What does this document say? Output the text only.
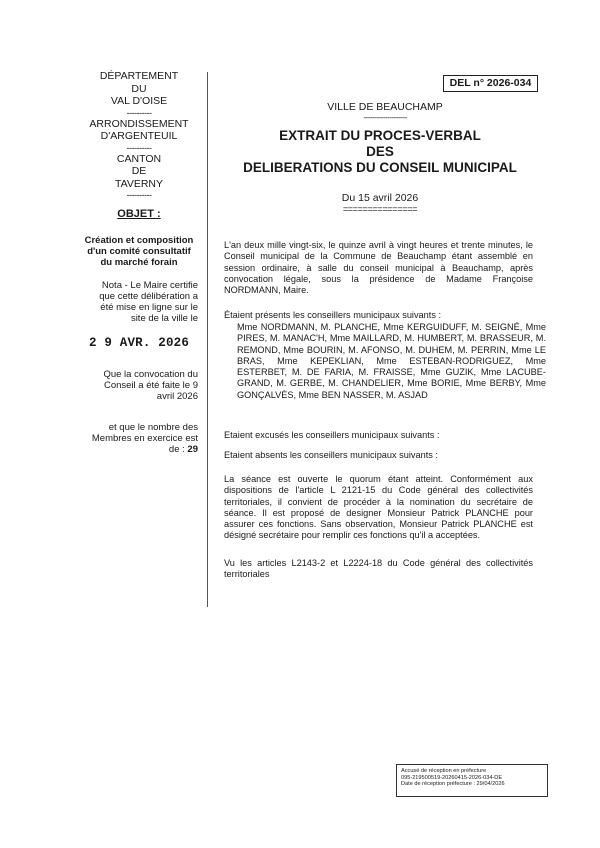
DÉPARTEMENT
DU
VAL D'OISE
----------
ARRONDISSEMENT
D'ARGENTEUIL
----------
CANTON
DE
TAVERNY
----------
OBJET :
Création et composition
d'un comité consultatif
du marché forain
Nota - Le Maire certifie
que cette délibération a
été mise en ligne sur le
site de la ville le
2 9 AVR. 2026
Que la convocation du
Conseil a été faite le 9
avril 2026
et que le nombre des
Membres en exercice est
de : 29
DEL n° 2026-034
VILLE DE BEAUCHAMP
--------------------
EXTRAIT DU PROCES-VERBAL
DES
DELIBERATIONS DU CONSEIL MUNICIPAL
Du 15 avril 2026
===============

L'an deux mille vingt-six, le quinze avril à vingt heures et trente minutes, le Conseil municipal de la Commune de Beauchamp étant assemblé en session ordinaire, à salle du conseil municipal à Beauchamp, après convocation légale, sous la présidence de Madame Françoise NORDMANN, Maire.

Étaient présents les conseillers municipaux suivants :

Mme NORDMANN, M. PLANCHE, Mme KERGUIDUFF, M. SEIGNÉ, Mme PIRES, M. MANAC'H, Mme MAILLARD, M. HUMBERT, M. BRASSEUR, M. REMOND, Mme BOURIN, M. AFONSO, M. DUHEM, M. PERRIN, Mme LE BRAS, Mme KEPEKLIAN, Mme ESTEBAN-RODRIGUEZ, Mme ESTERBET, M. DE FARIA, M. FRAISSE, Mme GUZIK, Mme LACUBE-GRAND, M. GERBE, M. CHANDELIER, Mme BORIE, Mme BERBY, Mme GONÇALVÈS, Mme BEN NASSER, M. ASJAD

Etaient excusés les conseillers municipaux suivants :

Etaient absents les conseillers municipaux suivants :

La séance est ouverte le quorum étant atteint. Conformément aux dispositions de l'article L 2121-15 du Code général des collectivités territoriales, il convient de procéder à la nomination du secrétaire de séance. Il est proposé de designer Monsieur Patrick PLANCHE pour assurer ces fonctions. Sans observation, Monsieur Patrick PLANCHE est désigné secrétaire pour remplir ces fonctions qu'il a acceptées.

Vu les articles L2143-2 et L2224-18 du Code général des collectivités territoriales

Accusé de réception en préfecture
095-219500519-20260415-2026-034-DE
Date de réception préfecture : 29/04/2026
